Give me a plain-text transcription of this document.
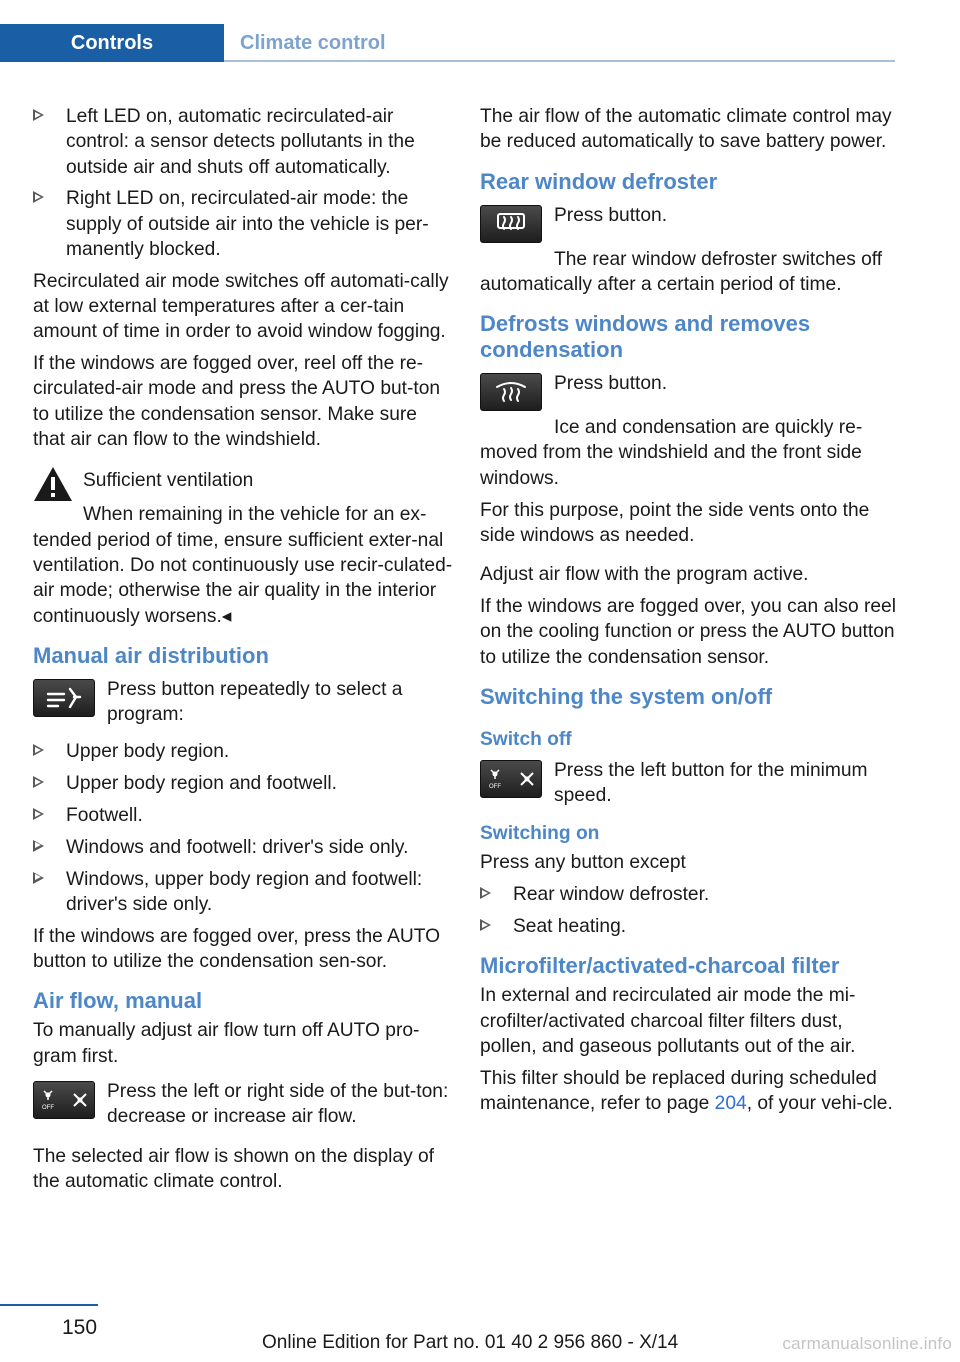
Controls	Climate control
Left LED on, automatic recirculated-air control: a sensor detects pollutants in the outside air and shuts off automatically.
Right LED on, recirculated-air mode: the supply of outside air into the vehicle is per-manently blocked.

Recirculated air mode switches off automati-cally at low external temperatures after a cer-tain amount of time in order to avoid window fogging.

If the windows are fogged over, reel off the re-circulated-air mode and press the AUTO but-ton to utilize the condensation sensor. Make sure that air can flow to the windshield.

Sufficient ventilation

When remaining in the vehicle for an ex-tended period of time, ensure sufficient exter-nal ventilation. Do not continuously use recir-culated-air mode; otherwise the air quality in the interior continuously worsens.◂

Manual air distribution
Press button repeatedly to select a program:
Upper body region.
Upper body region and footwell.
Footwell.
Windows and footwell: driver's side only.
Windows, upper body region and footwell: driver's side only.

If the windows are fogged over, press the AUTO button to utilize the condensation sen-sor.

Air flow, manual

To manually adjust air flow turn off AUTO pro-gram first.

OFF
Press the left or right side of the but-ton: decrease or increase air flow.

The selected air flow is shown on the display of the automatic climate control.

The air flow of the automatic climate control may be reduced automatically to save battery power.

Rear window defroster
Press button.

The rear window defroster switches off automatically after a certain period of time.

Defrosts windows and removes condensation
Press button.

Ice and condensation are quickly re-moved from the windshield and the front side windows.

For this purpose, point the side vents onto the side windows as needed.

Adjust air flow with the program active.

If the windows are fogged over, you can also reel on the cooling function or press the AUTO button to utilize the condensation sensor.

Switching the system on/off
Switch off
OFF
Press the left button for the minimum speed.
Switching on

Press any button except

Rear window defroster.
Seat heating.
Microfilter/activated-charcoal filter

In external and recirculated air mode the mi-crofilter/activated charcoal filter filters dust, pollen, and gaseous pollutants out of the air.

This filter should be replaced during scheduled maintenance, refer to page 204, of your vehi-cle.

150
Online Edition for Part no. 01 40 2 956 860 - X/14	carmanualsonline.info
